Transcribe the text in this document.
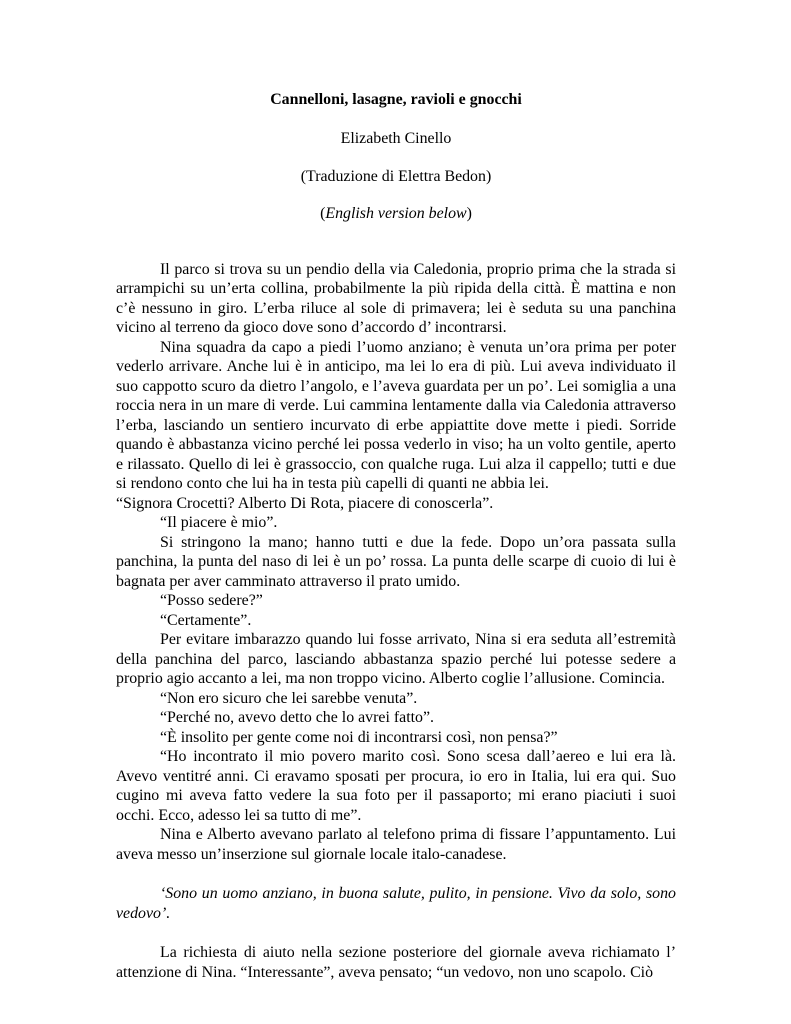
Cannelloni, lasagne, ravioli e gnocchi

Elizabeth Cinello

(Traduzione di Elettra Bedon)

(English version below)

Il parco si trova su un pendio della via Caledonia, proprio prima che la strada si arrampichi su un’erta collina, probabilmente la più ripida della città. È mattina e non c’è nessuno in giro. L’erba riluce al sole di primavera; lei è seduta su una panchina vicino al terreno da gioco dove sono d’accordo d’ incontrarsi.

Nina squadra da capo a piedi l’uomo anziano; è venuta un’ora prima per poter vederlo arrivare. Anche lui è in anticipo, ma lei lo era di più. Lui aveva individuato il suo cappotto scuro da dietro l’angolo, e l’aveva guardata per un po’. Lei somiglia a una roccia nera in un mare di verde. Lui cammina lentamente dalla via Caledonia attraverso l’erba, lasciando un sentiero incurvato di erbe appiattite dove mette i piedi. Sorride quando è abbastanza vicino perché lei possa vederlo in viso; ha un volto gentile, aperto e rilassato. Quello di lei è grassoccio, con qualche ruga. Lui alza il cappello; tutti e due si rendono conto che lui ha in testa più capelli di quanti ne abbia lei.

“Signora Crocetti? Alberto Di Rota, piacere di conoscerla”.

“Il piacere è mio”.

Si stringono la mano; hanno tutti e due la fede. Dopo un’ora passata sulla panchina, la punta del naso di lei è un po’ rossa. La punta delle scarpe di cuoio di lui è bagnata per aver camminato attraverso il prato umido.

“Posso sedere?”

“Certamente”.

Per evitare imbarazzo quando lui fosse arrivato, Nina si era seduta all’estremità della panchina del parco, lasciando abbastanza spazio perché lui potesse sedere a proprio agio accanto a lei, ma non troppo vicino. Alberto coglie l’allusione. Comincia.

“Non ero sicuro che lei sarebbe venuta”.

“Perché no, avevo detto che lo avrei fatto”.

“È insolito per gente come noi di incontrarsi così, non pensa?”

“Ho incontrato il mio povero marito così. Sono scesa dall’aereo e lui era là. Avevo ventitré anni. Ci eravamo sposati per procura, io ero in Italia, lui era qui. Suo cugino mi aveva fatto vedere la sua foto per il passaporto; mi erano piaciuti i suoi occhi. Ecco, adesso lei sa tutto di me”.

Nina e Alberto avevano parlato al telefono prima di fissare l’appuntamento. Lui aveva messo un’inserzione sul giornale locale italo-canadese.

‘Sono un uomo anziano, in buona salute, pulito, in pensione. Vivo da solo, sono vedovo’.

La richiesta di aiuto nella sezione posteriore del giornale aveva richiamato l’ attenzione di Nina. “Interessante”, aveva pensato; “un vedovo, non uno scapolo. Ciò
